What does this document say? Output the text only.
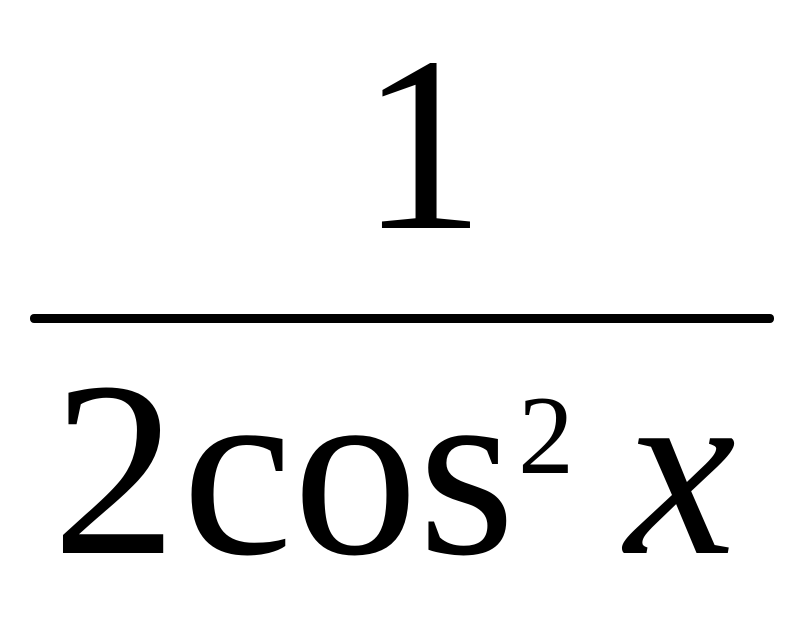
1
2 cos 2 x
